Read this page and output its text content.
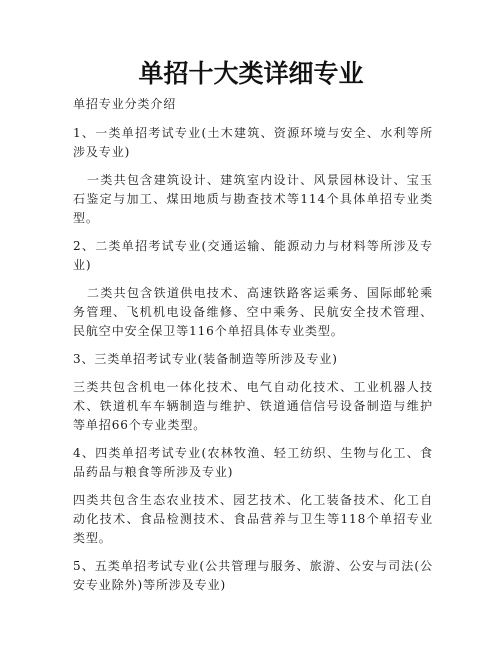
单招十大类详细专业

单招专业分类介绍

1、一类单招考试专业(土木建筑、资源环境与安全、水利等所涉及专业)

一类共包含建筑设计、建筑室内设计、风景园林设计、宝玉石鉴定与加工、煤田地质与勘查技术等114个具体单招专业类型。

2、二类单招考试专业(交通运输、能源动力与材料等所涉及专业)

二类共包含铁道供电技术、高速铁路客运乘务、国际邮轮乘务管理、飞机机电设备维修、空中乘务、民航安全技术管理、民航空中安全保卫等116个单招具体专业类型。

3、三类单招考试专业(装备制造等所涉及专业)

三类共包含机电一体化技术、电气自动化技术、工业机器人技术、铁道机车车辆制造与维护、铁道通信信号设备制造与维护等单招66个专业类型。

4、四类单招考试专业(农林牧渔、轻工纺织、生物与化工、食品药品与粮食等所涉及专业)

四类共包含生态农业技术、园艺技术、化工装备技术、化工自动化技术、食品检测技术、食品营养与卫生等118个单招专业类型。

5、五类单招考试专业(公共管理与服务、旅游、公安与司法(公安专业除外)等所涉及专业)
